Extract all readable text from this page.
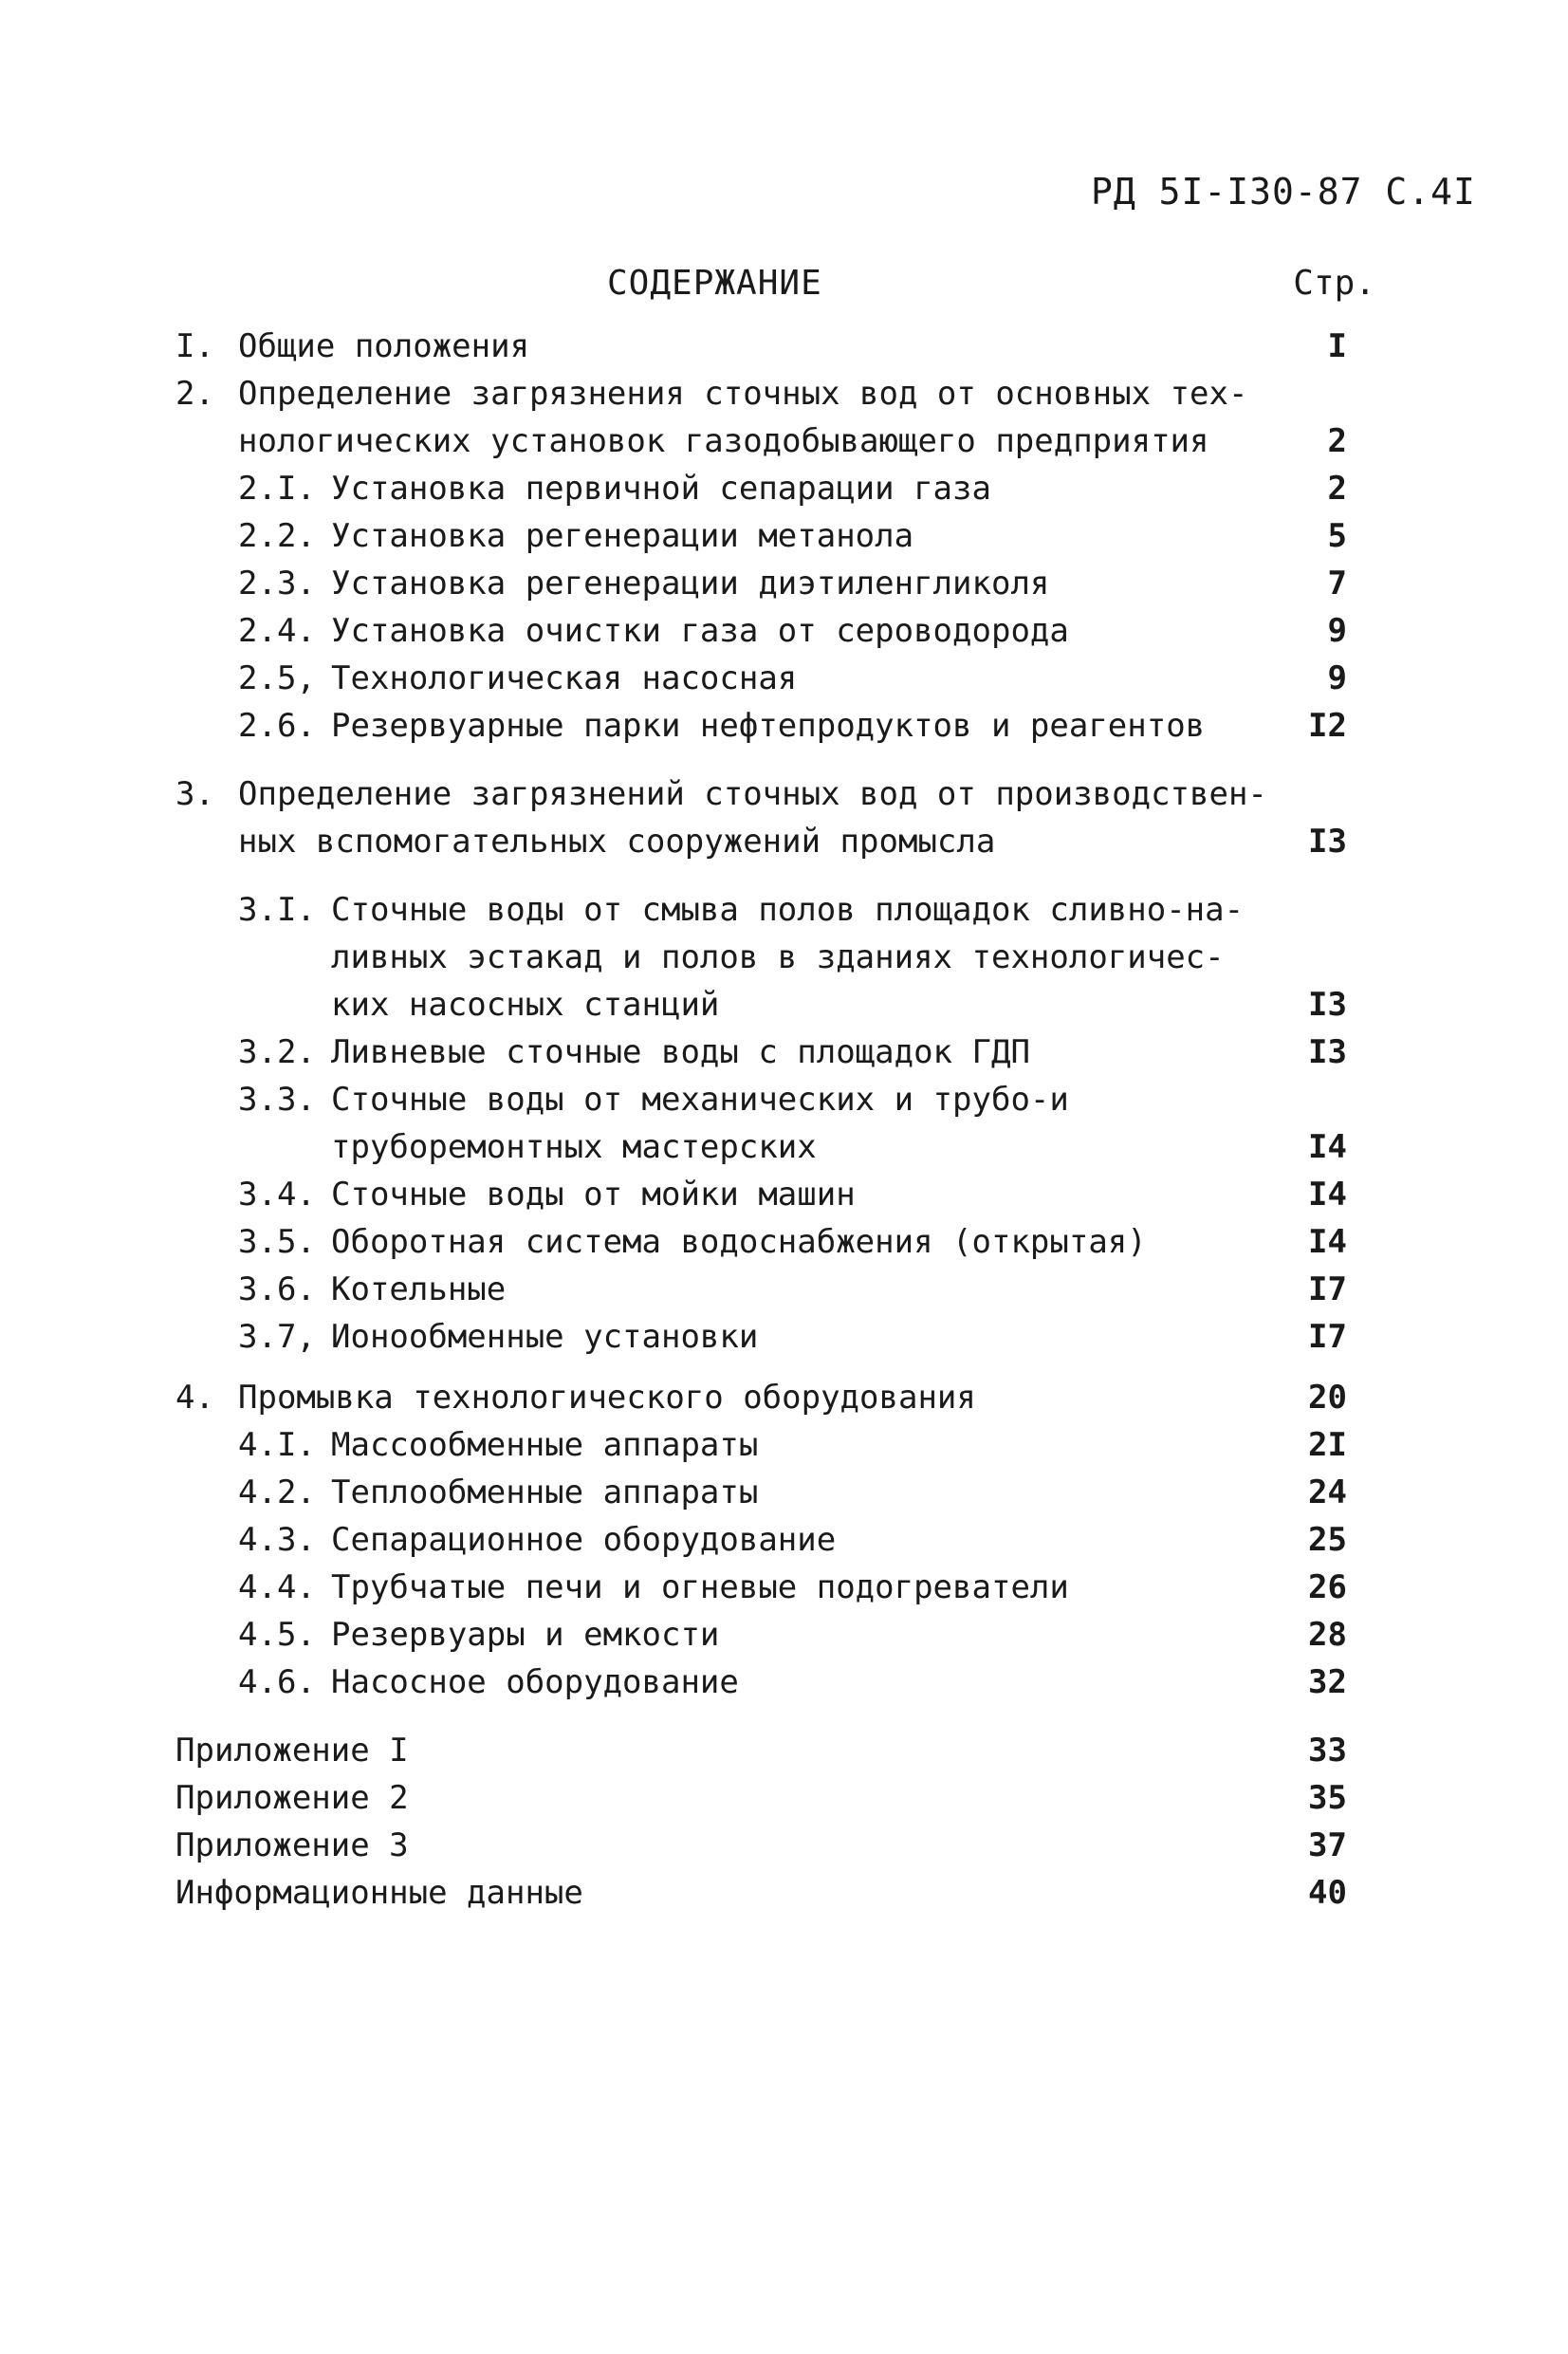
РД 5I-I30-87 С.4I
СОДЕРЖАНИЕ	Стр.
I. Общие положения	I
2. Определение загрязнения сточных вод от основных тех-
нологических установок газодобывающего предприятия	2
2.I. Установка первичной сепарации газа	2
2.2. Установка регенерации метанола	5
2.3. Установка регенерации диэтиленгликоля	7
2.4. Установка очистки газа от сероводорода	9
2.5, Технологическая насосная	9
2.6. Резервуарные парки нефтепродуктов и реагентов	I2
3. Определение загрязнений сточных вод от производствен-
ных вспомогательных сооружений промысла	I3
3.I. Сточные воды от смыва полов площадок сливно-на-
ливных эстакад и полов в зданиях технологичес-
ких насосных станций	I3
3.2. Ливневые сточные воды с площадок ГДП	I3
3.3. Сточные воды от механических и трубо-и
труборемонтных мастерских	I4
3.4. Сточные воды от мойки машин	I4
3.5. Оборотная система водоснабжения (открытая)	I4
3.6. Котельные	I7
3.7, Ионообменные установки	I7
4. Промывка технологического оборудования	20
4.I. Массообменные аппараты	2I
4.2. Теплообменные аппараты	24
4.3. Сепарационное оборудование	25
4.4. Трубчатые печи и огневые подогреватели	26
4.5. Резервуары и емкости	28
4.6. Насосное оборудование	32
Приложение I	33
Приложение 2	35
Приложение 3	37
Информационные данные	40
